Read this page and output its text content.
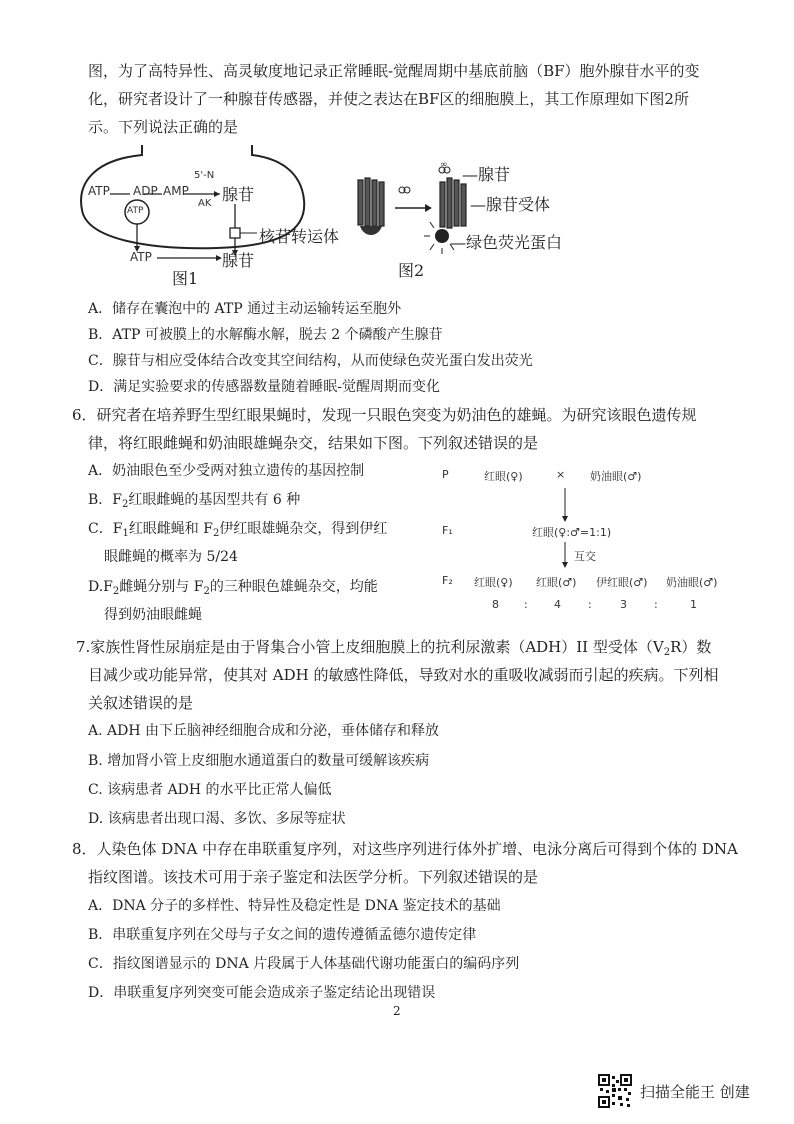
图，为了高特异性、高灵敏度地记录正常睡眠-觉醒周期中基底前脑（BF）胞外腺苷水平的变
化，研究者设计了一种腺苷传感器，并使之表达在BF区的细胞膜上，其工作原理如下图2所
示。下列说法正确的是
ATP ADP AMP
5'-N
AK 腺苷
ATP
核苷转运体
ATP	腺苷
图1
∞ —腺苷
—腺苷受体
—绿色荧光蛋白
图2
A．储存在囊泡中的 ATP 通过主动运输转运至胞外
B．ATP 可被膜上的水解酶水解，脱去 2 个磷酸产生腺苷
C．腺苷与相应受体结合改变其空间结构，从而使绿色荧光蛋白发出荧光
D．满足实验要求的传感器数量随着睡眠-觉醒周期而变化
6．研究者在培养野生型红眼果蝇时，发现一只眼色突变为奶油色的雄蝇。为研究该眼色遗传规
律，将红眼雌蝇和奶油眼雄蝇杂交，结果如下图。下列叙述错误的是
A．奶油眼色至少受两对独立遗传的基因控制
B．$F_2$红眼雌蝇的基因型共有 6 种
C．$F_1$红眼雌蝇和 $F_2$伊红眼雄蝇杂交，得到伊红
眼雌蝇的概率为 5/24
$D.F_2$雌蝇分别与 $F_2$的三种眼色雄蝇杂交，均能
得到奶油眼雌蝇
P	红眼(♀)	× 奶油眼(♂)
F₁	红眼(♀:♂=1:1)
互交
F₂ 红眼(♀) 红眼(♂) 伊红眼(♂) 奶油眼(♂)
8 : 4 :	3 :	1
7.家族性肾性尿崩症是由于肾集合小管上皮细胞膜上的抗利尿激素（ADH）II 型受体$(V_2R)$数
目减少或功能异常，使其对 ADH 的敏感性降低，导致对水的重吸收减弱而引起的疾病。下列相
关叙述错误的是
A. ADH 由下丘脑神经细胞合成和分泌，垂体储存和释放
B. 增加肾小管上皮细胞水通道蛋白的数量可缓解该疾病
C. 该病患者 ADH 的水平比正常人偏低
D. 该病患者出现口渴、多饮、多尿等症状
8．人染色体 DNA 中存在串联重复序列，对这些序列进行体外扩增、电泳分离后可得到个体的 DNA
指纹图谱。该技术可用于亲子鉴定和法医学分析。下列叙述错误的是
A．DNA 分子的多样性、特异性及稳定性是 DNA 鉴定技术的基础
B．串联重复序列在父母与子女之间的遗传遵循孟德尔遗传定律
C．指纹图谱显示的 DNA 片段属于人体基础代谢功能蛋白的编码序列
D．串联重复序列突变可能会造成亲子鉴定结论出现错误
2
扫描全能王 创建
